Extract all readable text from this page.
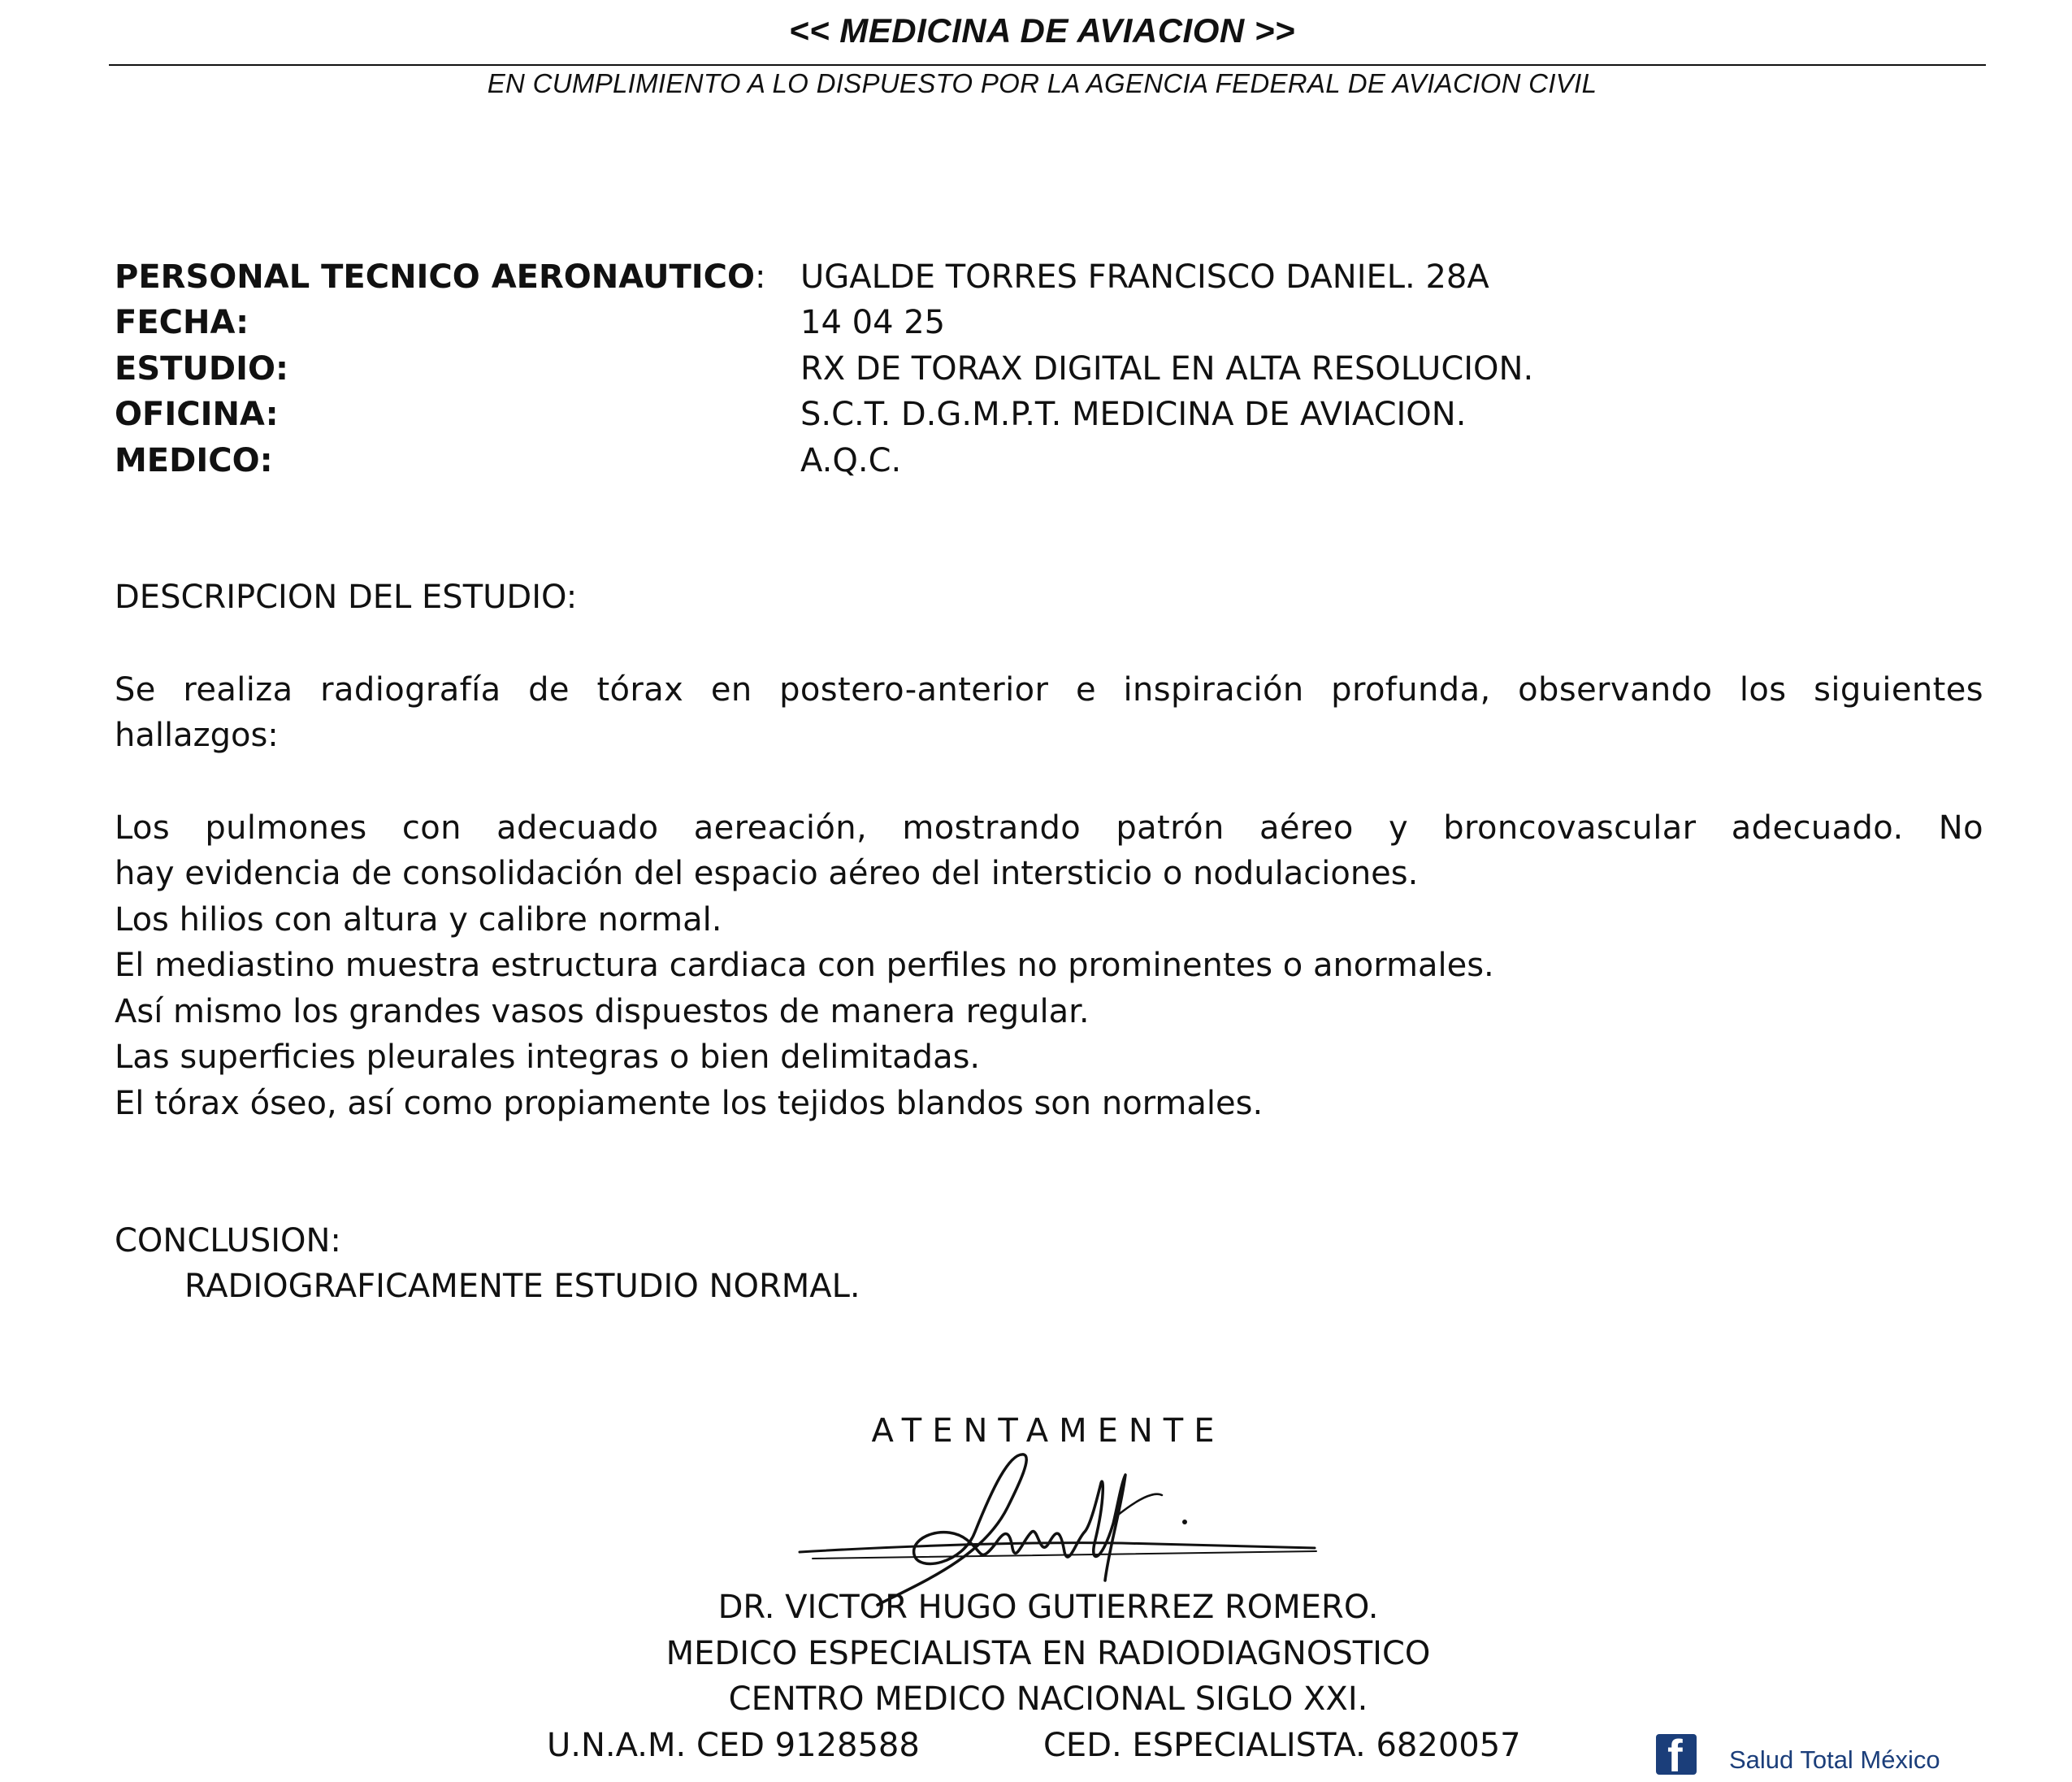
<< MEDICINA DE AVIACION >>
EN CUMPLIMIENTO A LO DISPUESTO POR LA AGENCIA FEDERAL DE AVIACION CIVIL
PERSONAL TECNICO AERONAUTICO: UGALDE TORRES FRANCISCO DANIEL. 28A
FECHA:	14 04 25
ESTUDIO:	RX DE TORAX DIGITAL EN ALTA RESOLUCION.
OFICINA:	S.C.T. D.G.M.P.T. MEDICINA DE AVIACION.
MEDICO:	A.Q.C.
DESCRIPCION DEL ESTUDIO:
Se realiza radiografía de tórax en postero-anterior e inspiración profunda, observando los siguientes
hallazgos:
Los pulmones con adecuado aereación, mostrando patrón aéreo y broncovascular adecuado. No
hay evidencia de consolidación del espacio aéreo del intersticio o nodulaciones.
Los hilios con altura y calibre normal.
El mediastino muestra estructura cardiaca con perfiles no prominentes o anormales.
Así mismo los grandes vasos dispuestos de manera regular.
Las superficies pleurales integras o bien delimitadas.
El tórax óseo, así como propiamente los tejidos blandos son normales.
CONCLUSION:
RADIOGRAFICAMENTE ESTUDIO NORMAL.
ATENTAMENTE
DR. VICTOR HUGO GUTIERREZ ROMERO.
MEDICO ESPECIALISTA EN RADIODIAGNOSTICO
CENTRO MEDICO NACIONAL SIGLO XXI.
U.N.A.M. CED 9128588	CED. ESPECIALISTA. 6820057	f Salud Total México
